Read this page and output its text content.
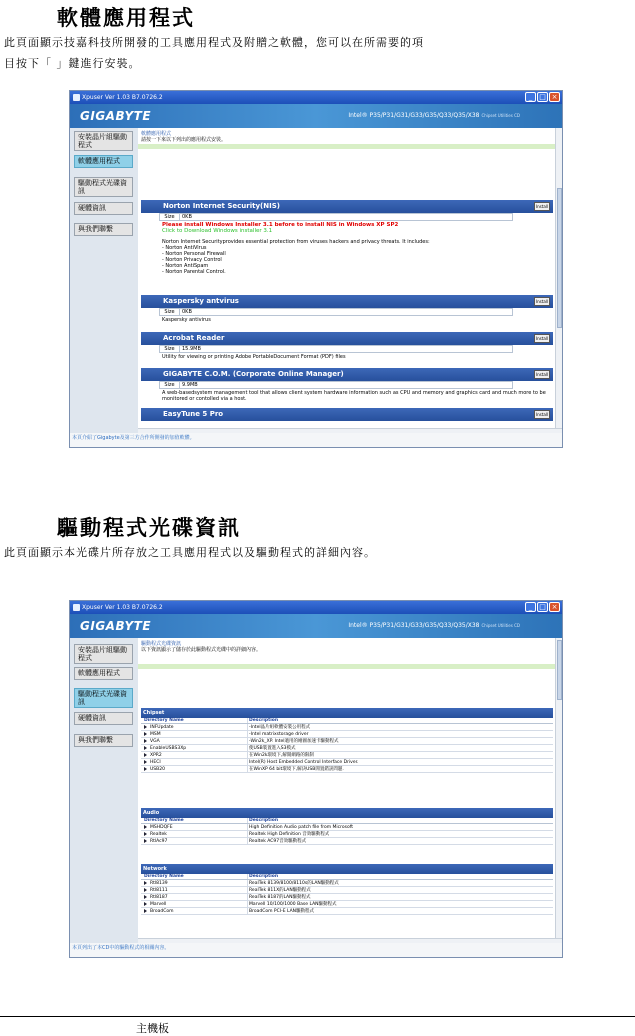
軟體應用程式
此頁面顯示技嘉科技所開發的工具應用程式及附贈之軟體，您可以在所需要的項
目按下「 」鍵進行安裝。
Xpuser Ver 1.03 B7.0726.2	_ □ ×
GIGABYTE	Intel® P35/P31/G31/G33/G35/Q33/Q35/X38 Chipset Utilities CD
安裝晶片組驅動程式
軟體應用程式
驅動程式光碟資訊
硬體資訊
與我們聯繫
軟體應用程式
請按一下來以下列出的應用程式安裝。
Norton Internet Security(NIS)	Install
Size	0KB
Please install Windows Installer 3.1 before to install NIS in Windows XP SP2
Click to Download Windows installer 3.1
Norton Internet Securityprovides essential protection from viruses hackers and privacy threats. It includes:
- Norton AntiVirus
- Norton Personal Firewall
- Norton Privacy Control
- Norton AntiSpam
- Norton Parental Control.
Kaspersky antvirus	Install
Size	0KB
Kaspersky antivirus
Acrobat Reader	Install
Size	15.9MB
Utility for viewing or printing Adobe PortableDocument Format (PDF) files
GIGABYTE C.O.M. (Corporate Online Manager)	Install
Size	9.9MB
A web-basedsystem management tool that allows client system hardware information such as CPU and memory and graphics card and much more to be monitored or contolled via a host.
EasyTune 5 Pro	Install
本頁介紹了Gigabyte及第三方合作所開發的加值軟體。
驅動程式光碟資訊
此頁面顯示本光碟片所存放之工具應用程式以及驅動程式的詳細內容。
Xpuser Ver 1.03 B7.0726.2	_ □ ×
GIGABYTE	Intel® P35/P31/G31/G33/G35/Q33/Q35/X38 Chipset Utilities CD
安裝晶片組驅動程式
軟體應用程式
驅動程式光碟資訊
硬體資訊
與我們聯繫
驅動程式光碟資訊
以下資訊顯示了儲存於此驅動程式光碟中的詳細內容。
Chipset
Directory Name	Description
INFUpdate	-Intel晶片組軟體安裝公用程式
MSM	-Intel matrixstorage driver
VGA	-Win2k_XP. Intel適用的繪圖加速卡驅動程式
EnableUSBS3Xp	使USB裝置進入S3模式
XPR2	在Win2k環境下,解開網路的限制
HECI	Intel(R) Host Embedded Control Interface Driver.
USB20	在WinXP 64 bit環境下,解決USB閒置錯誤問題.
Audio
Directory Name	Description
MSHDQFE	High Definition Audio patch file from Microsoft
Realtek	Realtek High Definition 音效驅動程式
RtlAc97	Realtek AC97音效驅動程式
Network
Directory Name	Description
Rtl8139	RealTek 8139/8100/8110s的LAN驅動程式
Rtl8111	RealTek 811X的LAN驅動程式
Rtl8187	RealTek 8187的LAN驅動程式
Marvell	Marvell 10/100/1000 Base LAN驅動程式
BroadCom	BroadCom PCI-E LAN驅動程式
本頁列出了本CD中的驅動程式的相關內容。
主機板
